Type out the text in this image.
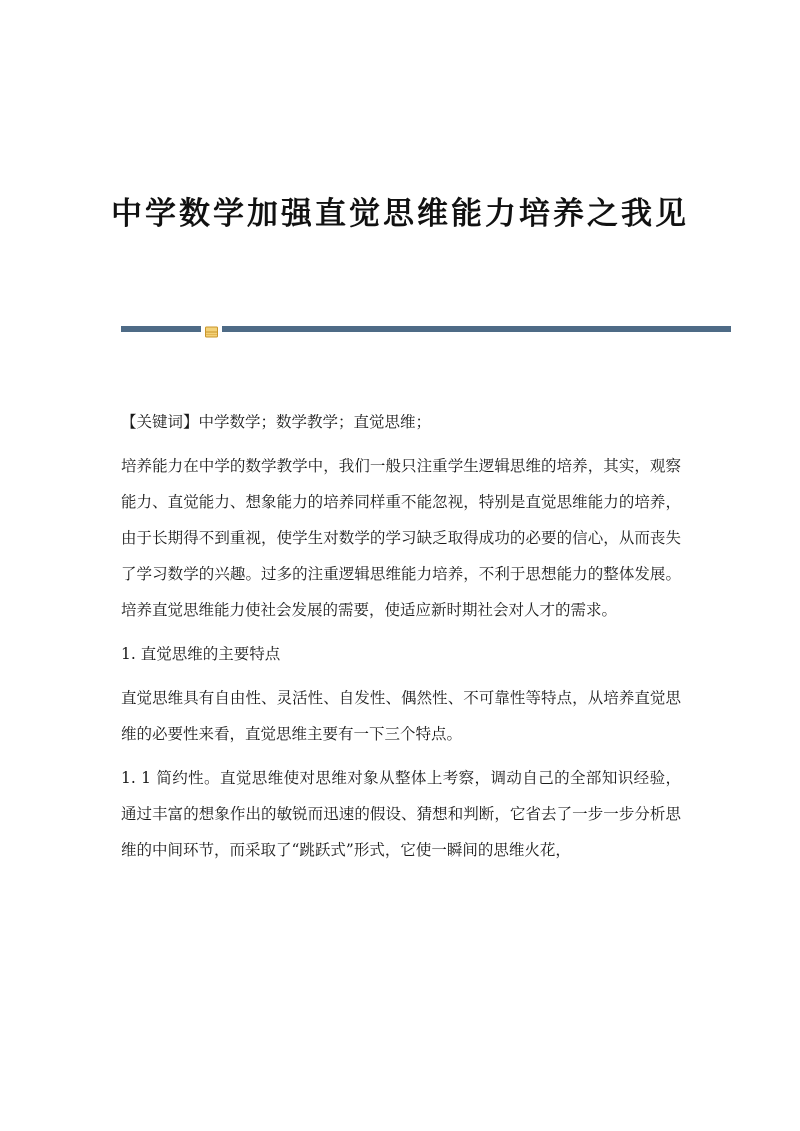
中学数学加强直觉思维能力培养之我见

【关键词】中学数学；数学教学；直觉思维；

培养能力在中学的数学教学中，我们一般只注重学生逻辑思维的培养，其实，观察能力、直觉能力、想象能力的培养同样重不能忽视，特别是直觉思维能力的培养，由于长期得不到重视，使学生对数学的学习缺乏取得成功的必要的信心，从而丧失了学习数学的兴趣。过多的注重逻辑思维能力培养，不利于思想能力的整体发展。培养直觉思维能力使社会发展的需要，使适应新时期社会对人才的需求。

1. 直觉思维的主要特点

直觉思维具有自由性、灵活性、自发性、偶然性、不可靠性等特点，从培养直觉思维的必要性来看，直觉思维主要有一下三个特点。

1. 1 简约性。直觉思维使对思维对象从整体上考察，调动自己的全部知识经验，通过丰富的想象作出的敏锐而迅速的假设、猜想和判断，它省去了一步一步分析思维的中间环节，而采取了“跳跃式”形式，它使一瞬间的思维火花，
